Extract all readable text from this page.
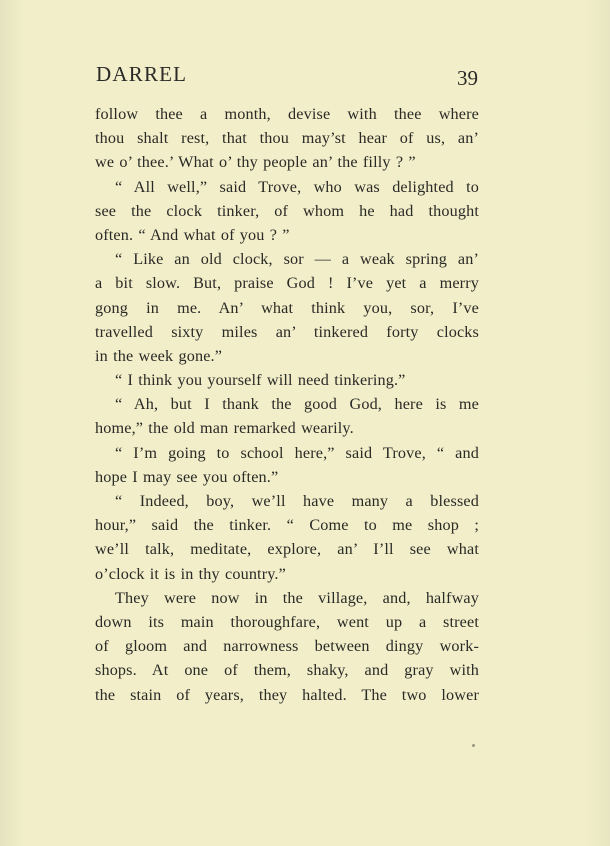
DARREL	39
follow thee a month, devise with thee where
thou shalt rest, that thou may’st hear of us, an’
we o’ thee.’ What o’ thy people an’ the filly ? ”
“ All well,” said Trove, who was delighted to
see the clock tinker, of whom he had thought
often. “ And what of you ? ”
“ Like an old clock, sor — a weak spring an’
a bit slow. But, praise God ! I’ve yet a merry
gong in me. An’ what think you, sor, I’ve
travelled sixty miles an’ tinkered forty clocks
in the week gone.”
“ I think you yourself will need tinkering.”
“ Ah, but I thank the good God, here is me
home,” the old man remarked wearily.
“ I’m going to school here,” said Trove, “ and
hope I may see you often.”
“ Indeed, boy, we’ll have many a blessed
hour,” said the tinker. “ Come to me shop ;
we’ll talk, meditate, explore, an’ I’ll see what
o’clock it is in thy country.”
They were now in the village, and, halfway
down its main thoroughfare, went up a street
of gloom and narrowness between dingy work-
shops. At one of them, shaky, and gray with
the stain of years, they halted. The two lower
